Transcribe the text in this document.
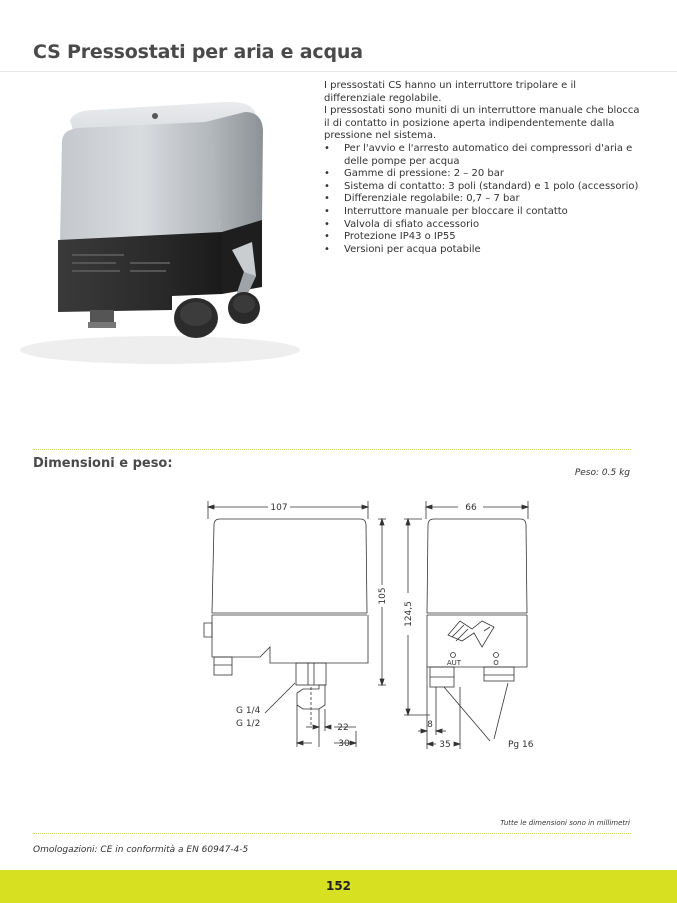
CS Pressostati per aria e acqua

I pressostati CS hanno un interruttore tripolare e il differenziale regolabile.

I pressostati sono muniti di un interruttore manuale che blocca il di contatto in posizione aperta indipendentemente dalla pressione nel sistema.

• Per l'avvio e l'arresto automatico dei compressori d'aria e delle pompe per acqua
• Gamme di pressione: 2 – 20 bar
• Sistema di contatto: 3 poli (standard) e 1 polo (accessorio)
• Differenziale regolabile: 0,7 – 7 bar
• Interruttore manuale per bloccare il contatto
• Valvola di sfiato accessorio
• Protezione IP43 o IP55
• Versioni per acqua potabile
Dimensioni e peso:
Peso: 0.5 kg
107	66
105
124,5
G 1/4
G 1/2	22
30
8
35	Pg 16
AUT	O
Tutte le dimensioni sono in millimetri
Omologazioni: CE in conformità a EN 60947-4-5
152
